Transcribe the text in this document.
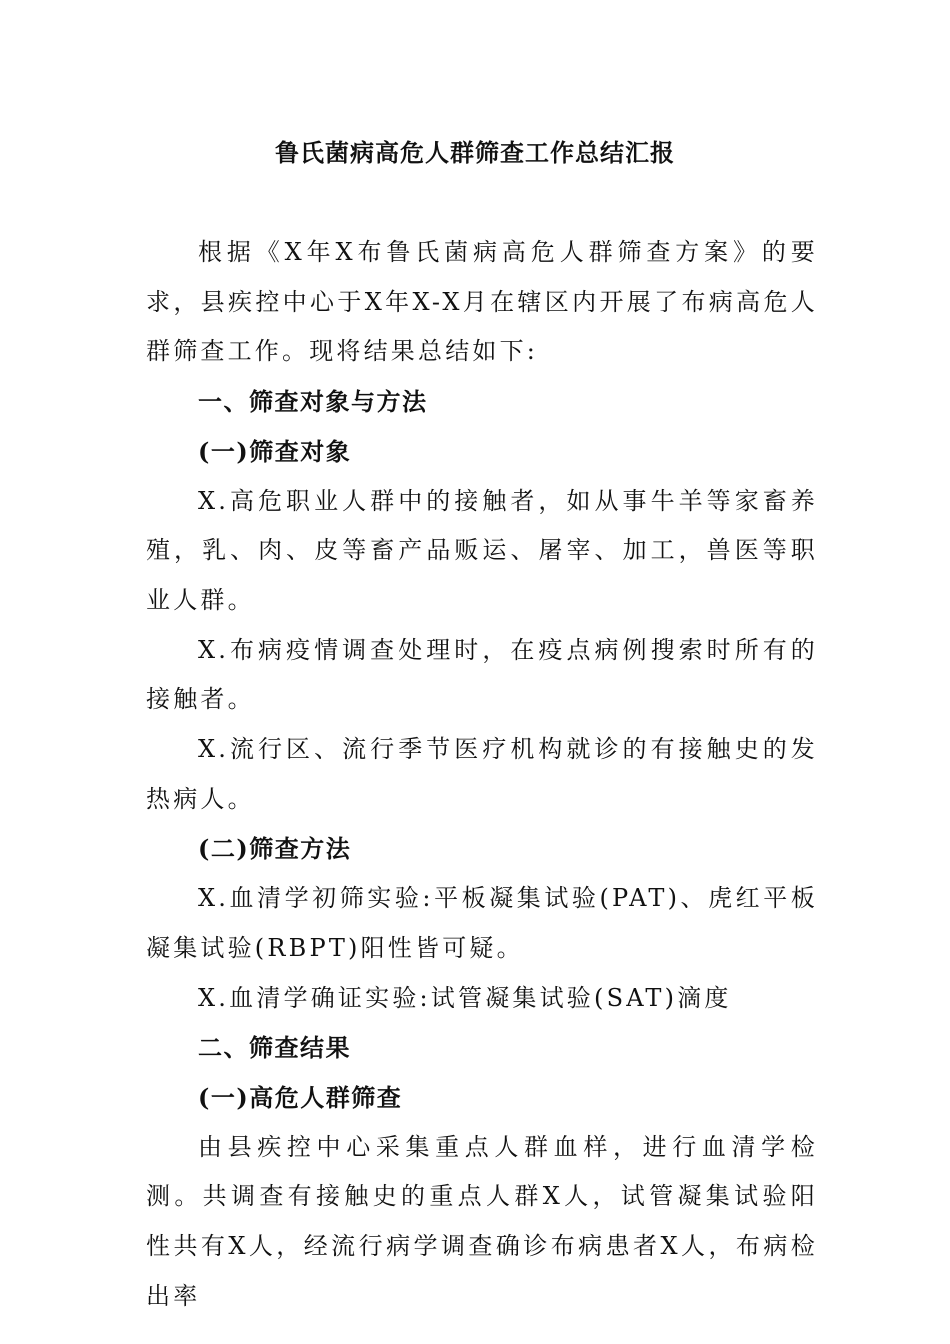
鲁氏菌病高危人群筛查工作总结汇报

根据《X年X布鲁氏菌病高危人群筛查方案》的要求，县疾控中心于X年X-X月在辖区内开展了布病高危人群筛查工作。现将结果总结如下:

一、筛查对象与方法

(一)筛查对象

X.高危职业人群中的接触者，如从事牛羊等家畜养殖，乳、肉、皮等畜产品贩运、屠宰、加工，兽医等职业人群。

X.布病疫情调查处理时，在疫点病例搜索时所有的接触者。

X.流行区、流行季节医疗机构就诊的有接触史的发热病人。

(二)筛查方法

X.血清学初筛实验:平板凝集试验(PAT)、虎红平板凝集试验(RBPT)阳性皆可疑。

X.血清学确证实验:试管凝集试验(SAT)滴度

二、筛查结果

(一)高危人群筛查

由县疾控中心采集重点人群血样，进行血清学检测。共调查有接触史的重点人群X人，试管凝集试验阳性共有X人，经流行病学调查确诊布病患者X人，布病检出率
